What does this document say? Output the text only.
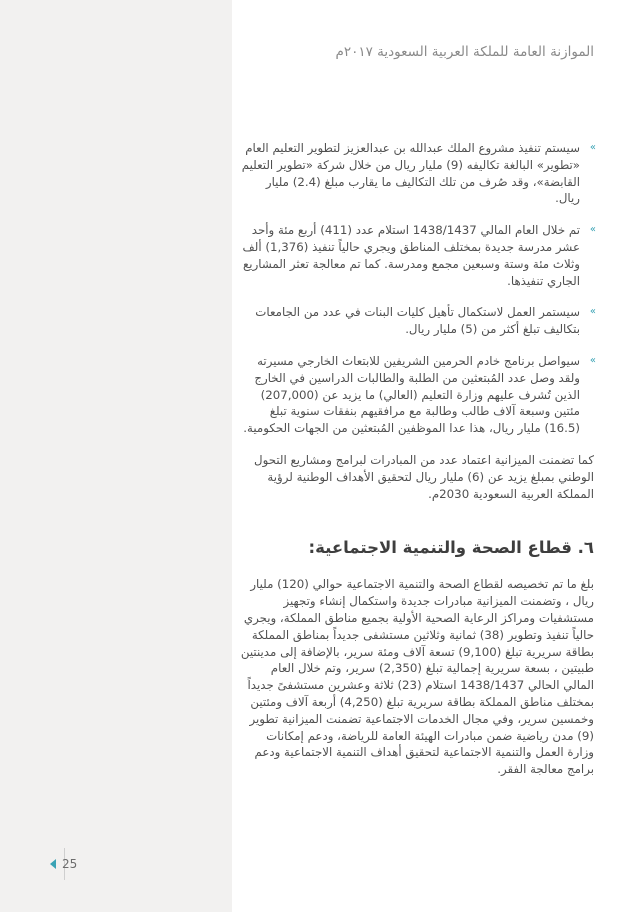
25
الموازنة العامة للملكة العربية السعودية ٢٠١٧م
»
سيستم تنفيذ مشروع الملك عبدالله بن عبدالعزيز لتطوير التعليم العام «تطوير» البالغة تكاليفه (9) مليار ريال من خلال شركة «تطوير التعليم القابضة»، وقد صُرف من تلك التكاليف ما يقارب مبلغ (2.4) مليار ريال.
»
تم خلال العام المالي 1438/1437 استلام عدد (411) أربع مئة وأحد عشر مدرسة جديدة بمختلف المناطق ويجري حالياً تنفيذ (1,376) ألف وثلاث مئة وستة وسبعين مجمع ومدرسة. كما تم معالجة تعثر المشاريع الجاري تنفيذها.
»
سيستمر العمل لاستكمال تأهيل كليات البنات في عدد من الجامعات بتكاليف تبلغ أكثر من (5) مليار ريال.
»
سيواصل برنامج خادم الحرمين الشريفين للابتعاث الخارجي مسيرته ولقد وصل عدد المُبتعثين من الطلبة والطالبات الدراسين في الخارج الذين تُشرف عليهم وزارة التعليم (العالي) ما يزيد عن (207,000) مئتين وسبعة آلاف طالب وطالبة مع مرافقيهم بنفقات سنوية تبلغ (16.5) مليار ريال، هذا عدا الموظفين المُبتعثين من الجهات الحكومية.

كما تضمنت الميزانية اعتماد عدد من المبادرات لبرامج ومشاريع التحول الوطني بمبلغ يزيد عن (6) مليار ريال لتحقيق الأهداف الوطنية لرؤية المملكة العربية السعودية 2030م.

٦. قطاع الصحة والتنمية الاجتماعية:

بلغ ما تم تخصيصه لقطاع الصحة والتنمية الاجتماعية حوالي (120) مليار ريال ، وتضمنت الميزانية مبادرات جديدة واستكمال إنشاء وتجهيز مستشفيات ومراكز الرعاية الصحية الأولية بجميع مناطق المملكة، ويجري حالياً تنفيذ وتطوير (38) ثمانية وثلاثين مستشفى جديداً بمناطق المملكة بطاقة سريرية تبلغ (9,100) تسعة آلاف ومئة سرير، بالإضافة إلى مدينتين طبيتين ، بسعة سريرية إجمالية تبلغ (2,350) سرير، وتم خلال العام المالي الحالي 1438/1437 استلام (23) ثلاثة وعشرين مستشفىً جديداً بمختلف مناطق المملكة بطاقة سريرية تبلغ (4,250) أربعة آلاف ومئتين وخمسين سرير، وفي مجال الخدمات الاجتماعية تضمنت الميزانية تطوير (9) مدن رياضية ضمن مبادرات الهيئة العامة للرياضة، ودعم إمكانات وزارة العمل والتنمية الاجتماعية لتحقيق أهداف التنمية الاجتماعية ودعم برامج معالجة الفقر.
